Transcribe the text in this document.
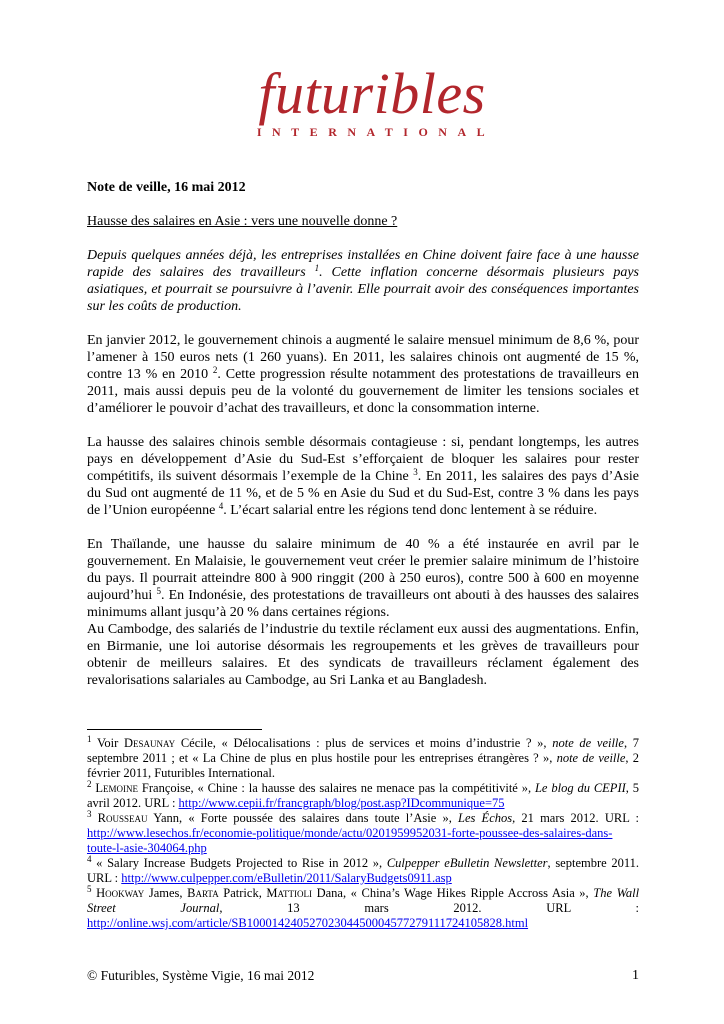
futuribles
INTERNATIONAL

Note de veille, 16 mai 2012

Hausse des salaires en Asie : vers une nouvelle donne ?

Depuis quelques années déjà, les entreprises installées en Chine doivent faire face à une hausse rapide des salaires des travailleurs $^1$. Cette inflation concerne désormais plusieurs pays asiatiques, et pourrait se poursuivre à l’avenir. Elle pourrait avoir des conséquences importantes sur les coûts de production.

En janvier 2012, le gouvernement chinois a augmenté le salaire mensuel minimum de 8,6 %, pour l’amener à 150 euros nets (1 260 yuans). En 2011, les salaires chinois ont augmenté de 15 %, contre 13 % en 2010 $^2$. Cette progression résulte notamment des protestations de travailleurs en 2011, mais aussi depuis peu de la volonté du gouvernement de limiter les tensions sociales et d’améliorer le pouvoir d’achat des travailleurs, et donc la consommation interne.

La hausse des salaires chinois semble désormais contagieuse : si, pendant longtemps, les autres pays en développement d’Asie du Sud-Est s’efforçaient de bloquer les salaires pour rester compétitifs, ils suivent désormais l’exemple de la Chine $^3$. En 2011, les salaires des pays d’Asie du Sud ont augmenté de 11 %, et de 5 % en Asie du Sud et du Sud-Est, contre 3 % dans les pays de l’Union européenne $^4$. L’écart salarial entre les régions tend donc lentement à se réduire.

En Thaïlande, une hausse du salaire minimum de 40 % a été instaurée en avril par le gouvernement. En Malaisie, le gouvernement veut créer le premier salaire minimum de l’histoire du pays. Il pourrait atteindre 800 à 900 ringgit (200 à 250 euros), contre 500 à 600 en moyenne aujourd’hui $^5$. En Indonésie, des protestations de travailleurs ont abouti à des hausses des salaires minimums allant jusqu’à 20 % dans certaines régions.

Au Cambodge, des salariés de l’industrie du textile réclament eux aussi des augmentations. Enfin, en Birmanie, une loi autorise désormais les regroupements et les grèves de travailleurs pour obtenir de meilleurs salaires. Et des syndicats de travailleurs réclament également des revalorisations salariales au Cambodge, au Sri Lanka et au Bangladesh.

$^1$ Voir Desaunay Cécile, « Délocalisations : plus de services et moins d’industrie ? », note de veille, 7 septembre 2011 ; et « La Chine de plus en plus hostile pour les entreprises étrangères ? », note de veille, 2 février 2011, Futuribles International.

$^2$ Lemoine Françoise, « Chine : la hausse des salaires ne menace pas la compétitivité », Le blog du CEPII, 5 avril 2012. URL : http://www.cepii.fr/francgraph/blog/post.asp?IDcommunique=75

$^3$ Rousseau Yann, « Forte poussée des salaires dans toute l’Asie », Les Échos, 21 mars 2012. URL : http://www.lesechos.fr/economie-politique/monde/actu/0201959952031-forte-poussee-des-salaires-dans-toute-l-asie-304064.php

$^4$ « Salary Increase Budgets Projected to Rise in 2012 », Culpepper eBulletin Newsletter, septembre 2011. URL : http://www.culpepper.com/eBulletin/2011/SalaryBudgets0911.asp

$^5$ Hookway James, Barta Patrick, Mattioli Dana, « China’s Wage Hikes Ripple Accross Asia », The Wall Street Journal, 13 mars 2012. URL : http://online.wsj.com/article/SB10001424052702304450004577279111724105828.html

© Futuribles, Système Vigie, 16 mai 2012	1
